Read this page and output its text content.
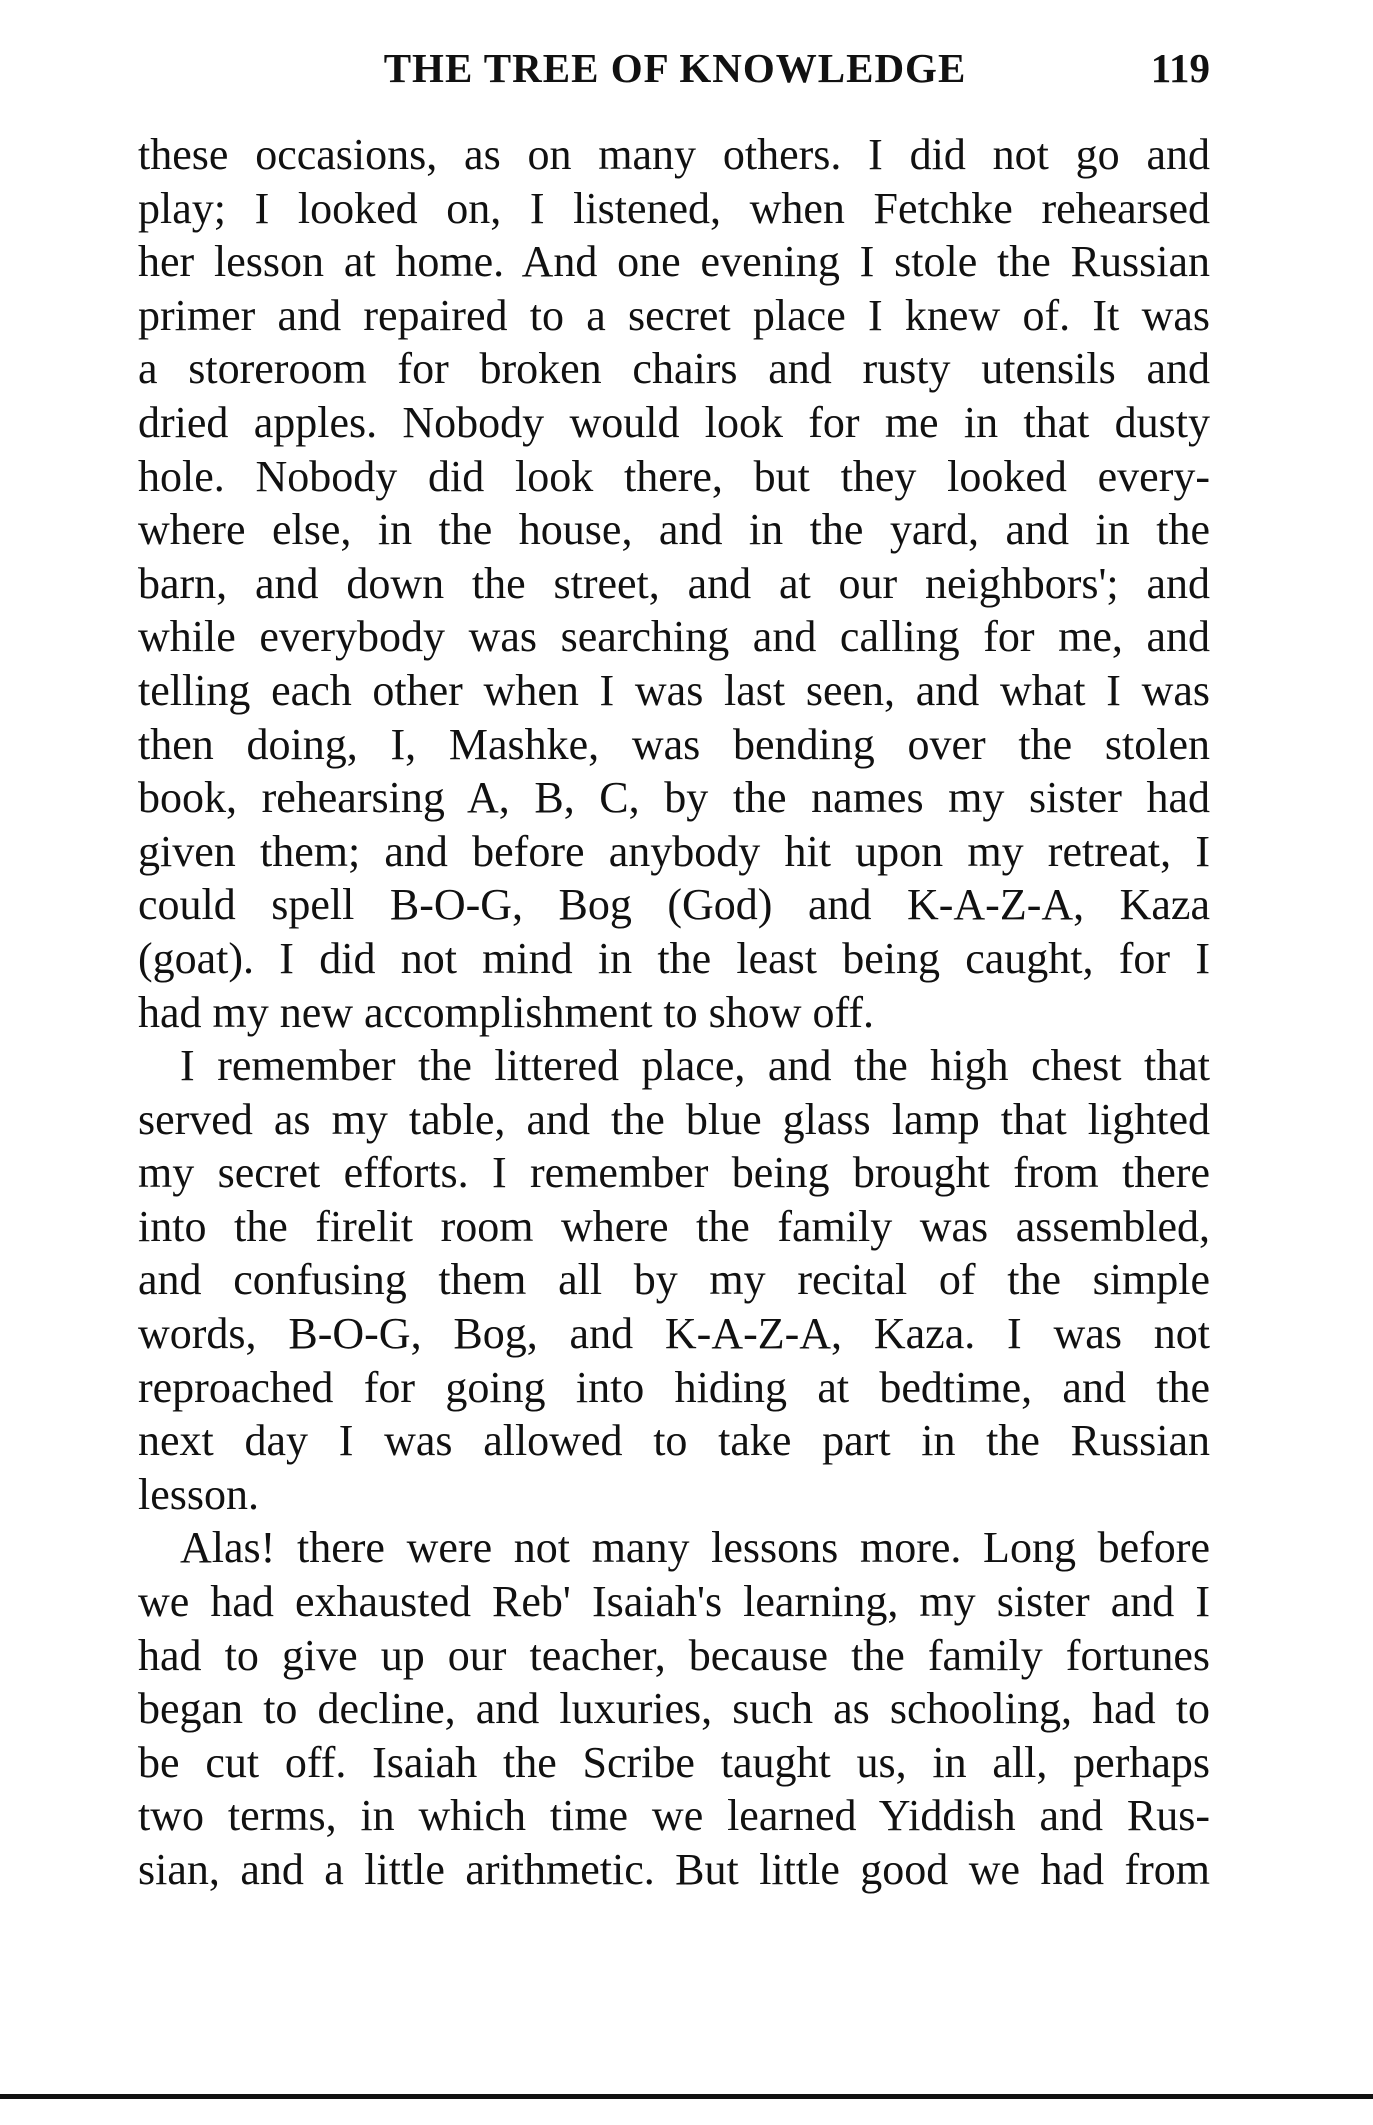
THE TREE OF KNOWLEDGE	119
these occasions, as on many others. I did not go and
play; I looked on, I listened, when Fetchke rehearsed
her lesson at home. And one evening I stole the Russian
primer and repaired to a secret place I knew of. It was
a storeroom for broken chairs and rusty utensils and
dried apples. Nobody would look for me in that dusty
hole. Nobody did look there, but they looked every-
where else, in the house, and in the yard, and in the
barn, and down the street, and at our neighbors'; and
while everybody was searching and calling for me, and
telling each other when I was last seen, and what I was
then doing, I, Mashke, was bending over the stolen
book, rehearsing A, B, C, by the names my sister had
given them; and before anybody hit upon my retreat, I
could spell B-O-G, Bog (God) and K-A-Z-A, Kaza
(goat). I did not mind in the least being caught, for I
had my new accomplishment to show off.
I remember the littered place, and the high chest that
served as my table, and the blue glass lamp that lighted
my secret efforts. I remember being brought from there
into the firelit room where the family was assembled,
and confusing them all by my recital of the simple
words, B-O-G, Bog, and K-A-Z-A, Kaza. I was not
reproached for going into hiding at bedtime, and the
next day I was allowed to take part in the Russian
lesson.
Alas! there were not many lessons more. Long before
we had exhausted Reb' Isaiah's learning, my sister and I
had to give up our teacher, because the family fortunes
began to decline, and luxuries, such as schooling, had to
be cut off. Isaiah the Scribe taught us, in all, perhaps
two terms, in which time we learned Yiddish and Rus-
sian, and a little arithmetic. But little good we had from
